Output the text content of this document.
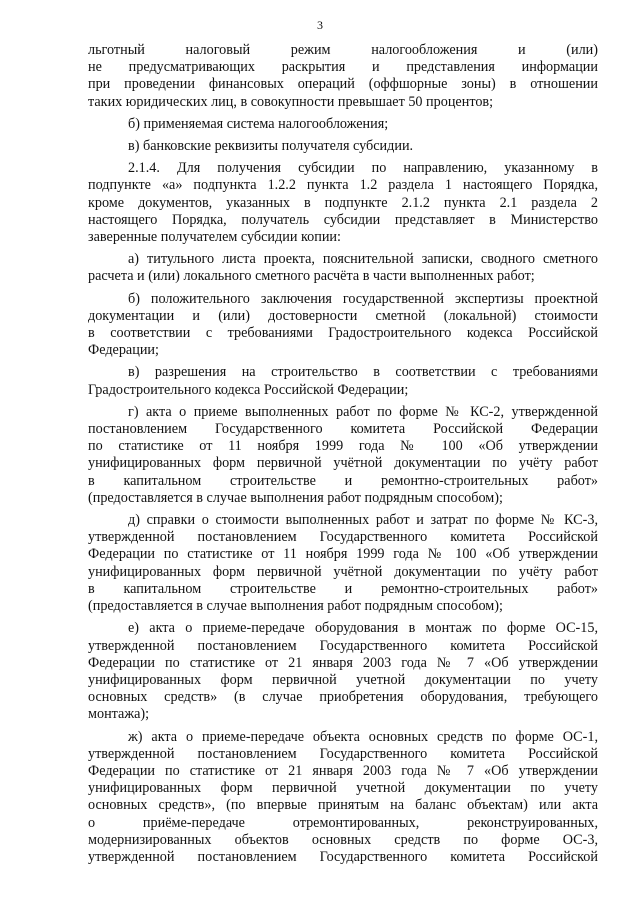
3
льготный налоговый режим налогообложения и (или)
не предусматривающих раскрытия и представления информации
при проведении финансовых операций (оффшорные зоны) в отношении
таких юридических лиц, в совокупности превышает 50 процентов;
б) применяемая система налогообложения;
в) банковские реквизиты получателя субсидии.
2.1.4. Для получения субсидии по направлению, указанному в
подпункте «а» подпункта 1.2.2 пункта 1.2 раздела 1 настоящего Порядка,
кроме документов, указанных в подпункте 2.1.2 пункта 2.1 раздела 2
настоящего Порядка, получатель субсидии представляет в Министерство
заверенные получателем субсидии копии:
а) титульного листа проекта, пояснительной записки, сводного сметного
расчета и (или) локального сметного расчёта в части выполненных работ;
б) положительного заключения государственной экспертизы проектной
документации и (или) достоверности сметной (локальной) стоимости
в соответствии с требованиями Градостроительного кодекса Российской
Федерации;
в) разрешения на строительство в соответствии с требованиями
Градостроительного кодекса Российской Федерации;
г) акта о приеме выполненных работ по форме № КС-2, утвержденной
постановлением Государственного комитета Российской Федерации
по статистике от 11 ноября 1999 года № 100 «Об утверждении
унифицированных форм первичной учётной документации по учёту работ
в капитальном строительстве и ремонтно-строительных работ»
(предоставляется в случае выполнения работ подрядным способом);
д) справки о стоимости выполненных работ и затрат по форме № КС-3,
утвержденной постановлением Государственного комитета Российской
Федерации по статистике от 11 ноября 1999 года № 100 «Об утверждении
унифицированных форм первичной учётной документации по учёту работ
в капитальном строительстве и ремонтно-строительных работ»
(предоставляется в случае выполнения работ подрядным способом);
е) акта о приеме-передаче оборудования в монтаж по форме ОС-15,
утвержденной постановлением Государственного комитета Российской
Федерации по статистике от 21 января 2003 года № 7 «Об утверждении
унифицированных форм первичной учетной документации по учету
основных средств» (в случае приобретения оборудования, требующего
монтажа);
ж) акта о приеме-передаче объекта основных средств по форме ОС-1,
утвержденной постановлением Государственного комитета Российской
Федерации по статистике от 21 января 2003 года № 7 «Об утверждении
унифицированных форм первичной учетной документации по учету
основных средств», (по впервые принятым на баланс объектам) или акта
о приёме-передаче отремонтированных, реконструированных,
модернизированных объектов основных средств по форме ОС-3,
утвержденной постановлением Государственного комитета Российской
